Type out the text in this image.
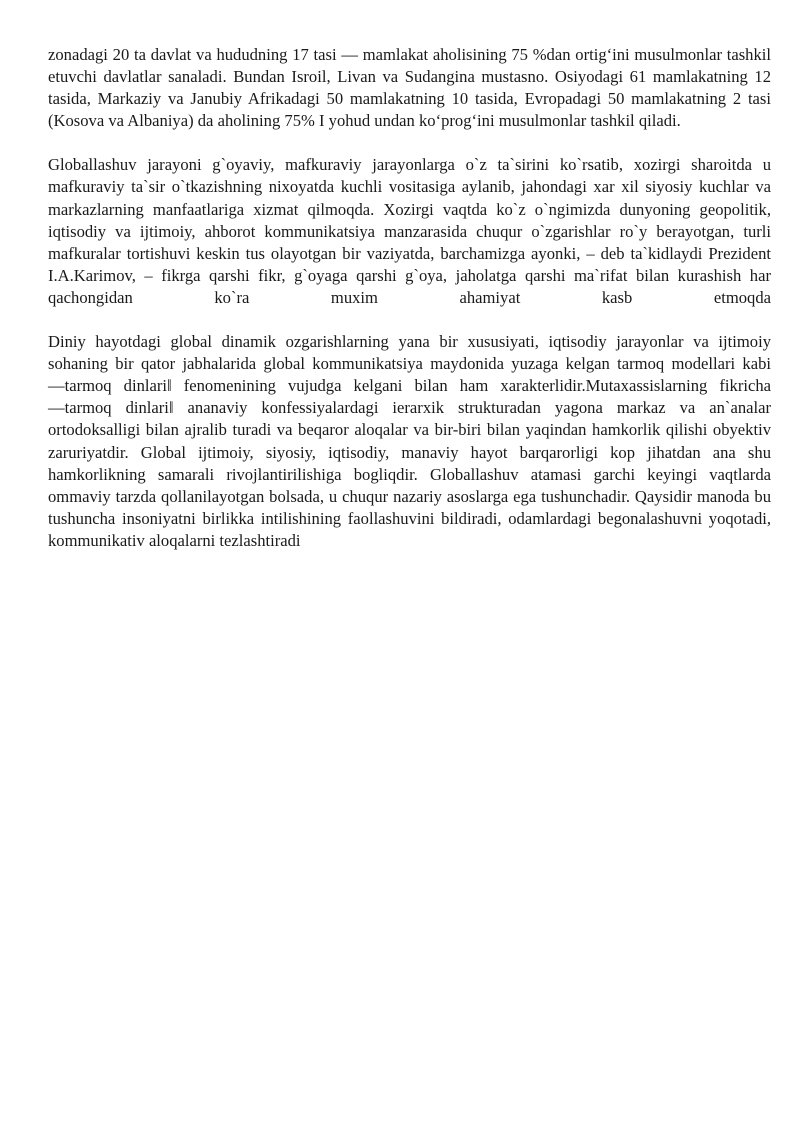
zonadagi 20 ta davlat va hududning 17 tasi — mamlakat aholisining 75 %dan ortig‘ini musulmonlar tashkil etuvchi davlatlar sanaladi. Bundan Isroil, Livan va Sudangina mustasno. Osiyodagi 61 mamlakatning 12 tasida, Markaziy va Janubiy Afrikadagi 50 mamlakatning 10 tasida, Evropadagi 50 mamlakatning 2 tasi (Kosova va Albaniya) da aholining 75% I yohud undan ko‘prog‘ini musulmonlar tashkil qiladi.

Globallashuv jarayoni g`oyaviy, mafkuraviy jarayonlarga o`z ta`sirini ko`rsatib, xozirgi sharoitda u mafkuraviy ta`sir o`tkazishning nixoyatda kuchli vositasiga aylanib, jahondagi xar xil siyosiy kuchlar va markazlarning manfaatlariga xizmat qilmoqda. Xozirgi vaqtda ko`z o`ngimizda dunyoning geopolitik, iqtisodiy va ijtimoiy, ahborot kommunikatsiya manzarasida chuqur o`zgarishlar ro`y berayotgan, turli mafkuralar tortishuvi keskin tus olayotgan bir vaziyatda, barchamizga ayonki, – deb ta`kidlaydi Prezident I.A.Karimov, – fikrga qarshi fikr, g`oyaga qarshi g`oya, jaholatga qarshi ma`rifat bilan kurashish har qachongidan ko`ra muxim ahamiyat kasb etmoqda

Diniy hayotdagi global dinamik ozgarishlarning yana bir xususiyati, iqtisodiy jarayonlar va ijtimoiy sohaning bir qator jabhalarida global kommunikatsiya maydonida yuzaga kelgan tarmoq modellari kabi ―tarmoq dinlari‖ fenomenining vujudga kelgani bilan ham xarakterlidir.Mutaxassislarning fikricha ―tarmoq dinlari‖ ananaviy konfessiyalardagi ierarxik strukturadan yagona markaz va an`analar ortodoksalligi bilan ajralib turadi va beqaror aloqalar va bir-biri bilan yaqindan hamkorlik qilishi obyektiv zaruriyatdir. Global ijtimoiy, siyosiy, iqtisodiy, manaviy hayot barqarorligi kop jihatdan ana shu hamkorlikning samarali rivojlantirilishiga bogliqdir. Globallashuv atamasi garchi keyingi vaqtlarda ommaviy tarzda qollanilayotgan bolsada, u chuqur nazariy asoslarga ega tushunchadir. Qaysidir manoda bu tushuncha insoniyatni birlikka intilishining faollashuvini bildiradi, odamlardagi begonalashuvni yoqotadi, kommunikativ aloqalarni tezlashtiradi
